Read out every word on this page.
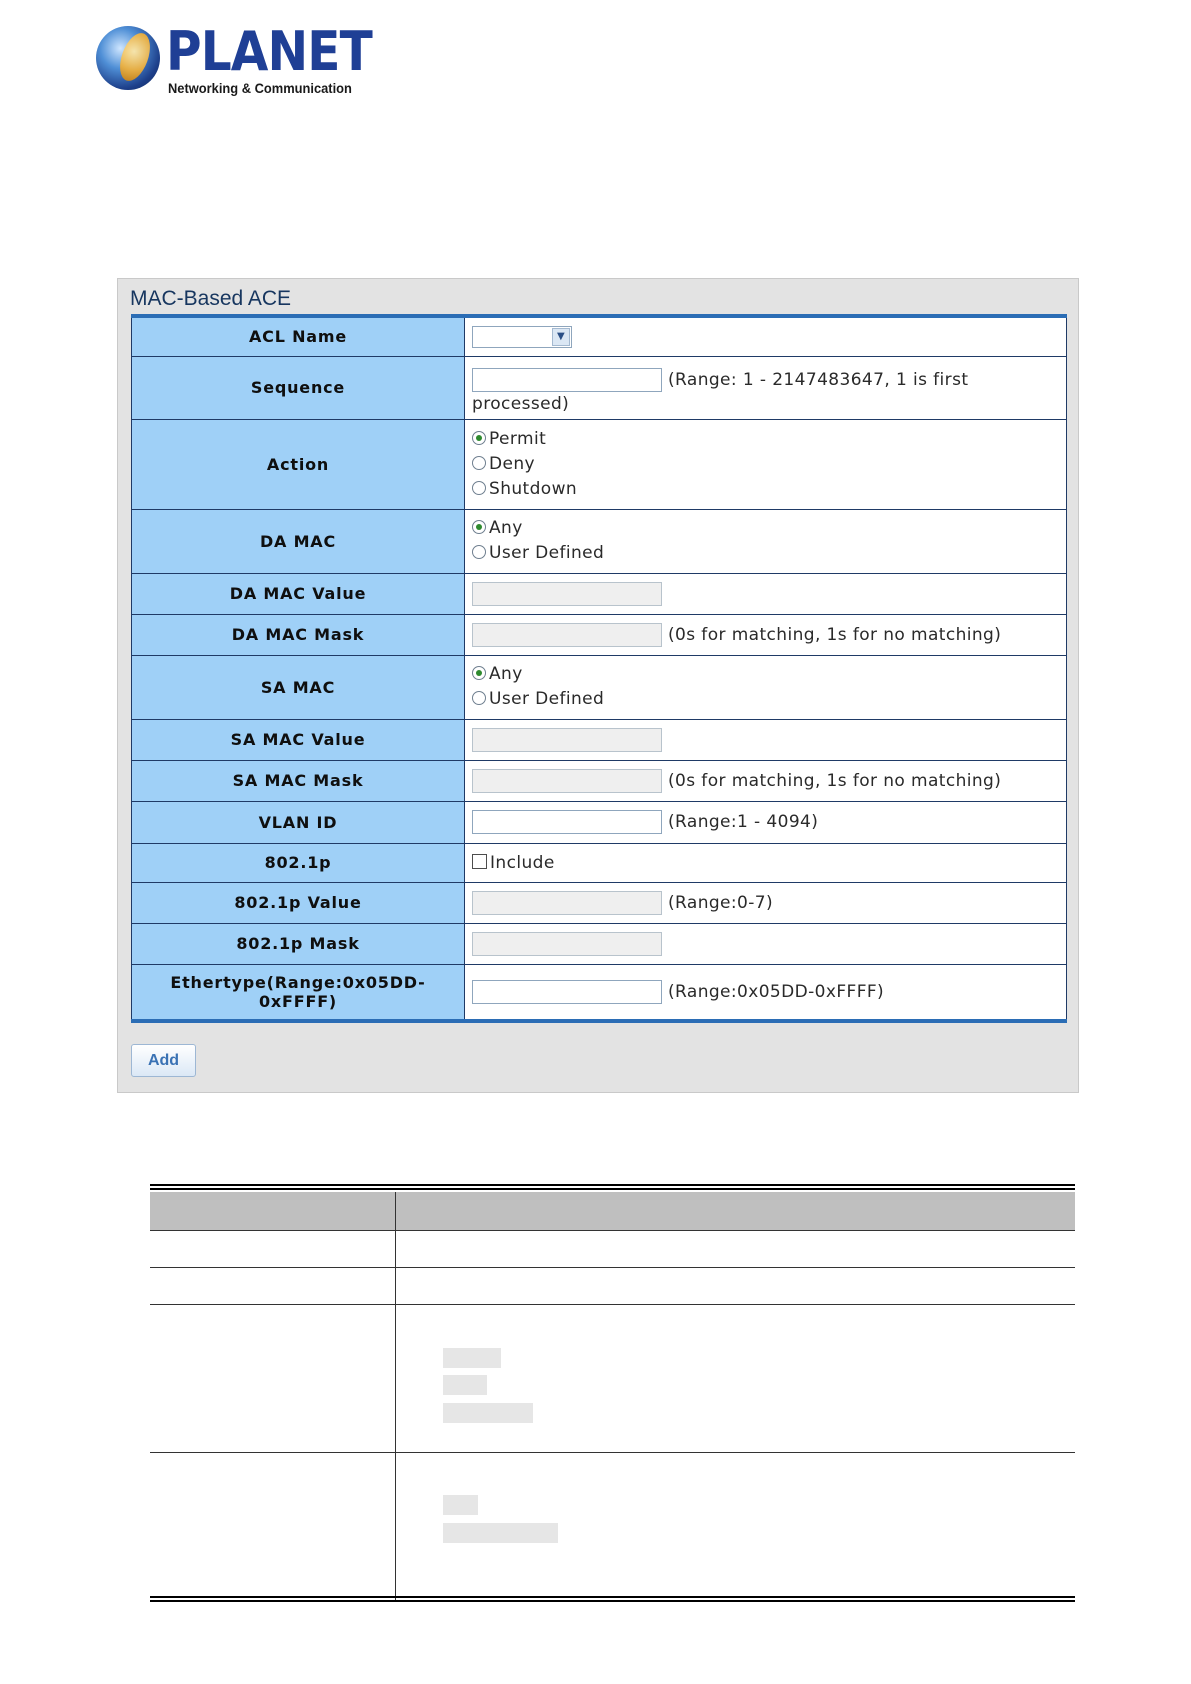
PLANET
Networking & Communication
MAC-Based ACE
ACL Name	▼

Sequence	(Range: 1 - 2147483647, 1 is first
processed)

Action	Permit
Deny
Shutdown

DA MAC	Any
User Defined

DA MAC Value	
DA MAC Mask	(0s for matching, 1s for no matching)
SA MAC	Any
User Defined

SA MAC Value	
SA MAC Mask	(0s for matching, 1s for no matching)
VLAN ID	(Range:1 - 4094)
802.1p	Include
802.1p Value	(Range:0-7)
802.1p Mask	

Ethertype(Range:0x05DD-
0xFFFF)	(Range:0x05DD-0xFFFF)
Add
